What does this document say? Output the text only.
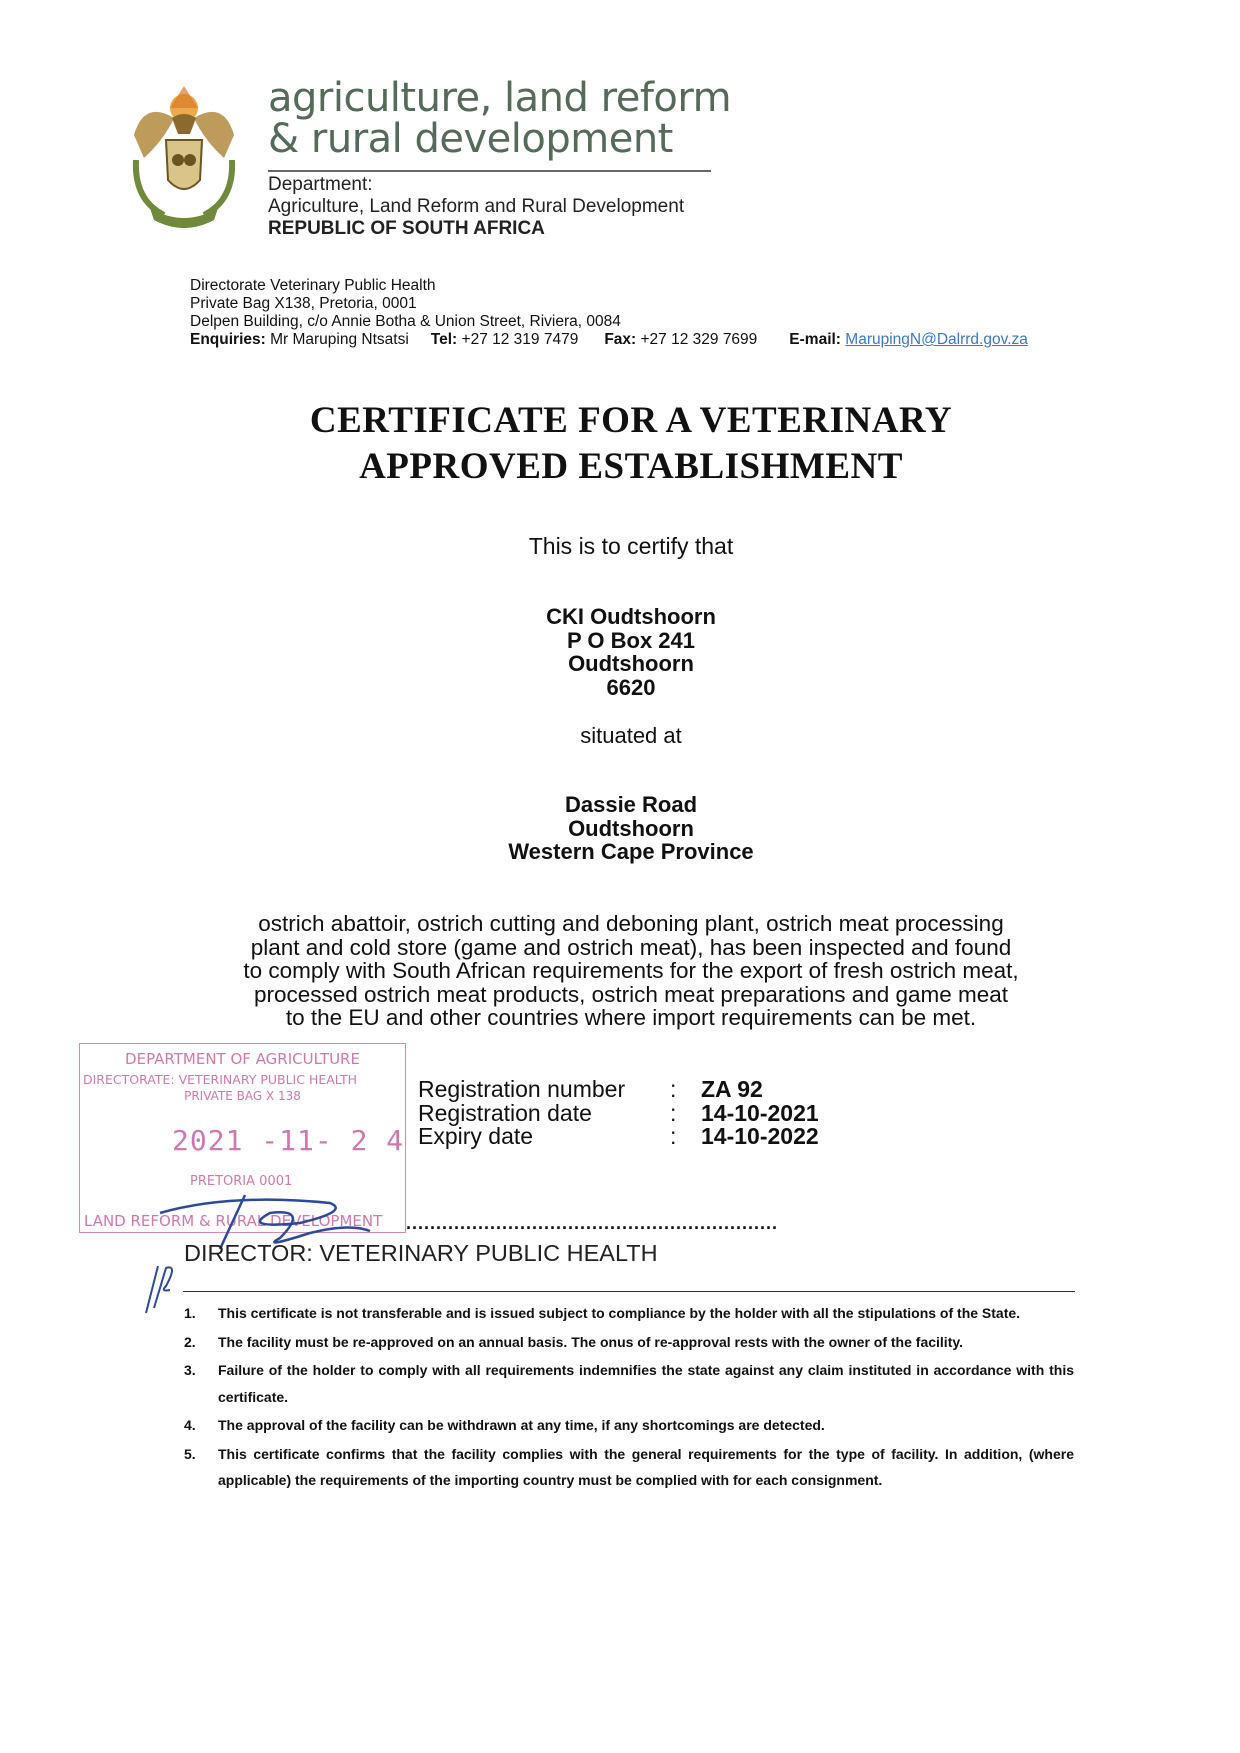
agriculture, land reform
& rural development
Department:
Agriculture, Land Reform and Rural Development
REPUBLIC OF SOUTH AFRICA
Directorate Veterinary Public Health
Private Bag X138, Pretoria, 0001
Delpen Building, c/o Annie Botha & Union Street, Riviera, 0084
Enquiries:
Mr Maruping Ntsatsi Tel:
+27 12 319 7479 Fax:
+27 12 329 7699 E-mail:
MarupingN@Dalrrd.gov.za
CERTIFICATE FOR A VETERINARY
APPROVED ESTABLISHMENT
This is to certify that
CKI Oudtshoorn
P O Box 241
Oudtshoorn
6620
situated at
Dassie Road
Oudtshoorn
Western Cape Province
ostrich abattoir, ostrich cutting and deboning plant, ostrich meat processing
plant and cold store (game and ostrich meat), has been inspected and found
to comply with South African requirements for the export of fresh ostrich meat,
processed ostrich meat products, ostrich meat preparations and game meat
to the EU and other countries where import requirements can be met.
DEPARTMENT OF AGRICULTURE
DIRECTORATE: VETERINARY PUBLIC HEALTH
PRIVATE BAG X 138
2021 -11- 2 4
PRETORIA 0001
LAND REFORM & RURAL DEVELOPMENT
Registration number	:	ZA 92
Registration date	:	14-10-2021
Expiry date	:	14-10-2022
..............................................................
DIRECTOR: VETERINARY PUBLIC HEALTH
1.	This certificate is not transferable and is issued subject to compliance by the holder with all the stipulations of the State.
2.	The facility must be re-approved on an annual basis. The onus of re-approval rests with the owner of the facility.
3.	Failure of the holder to comply with all requirements indemnifies the state against any claim instituted in accordance with this certificate.
4.	The approval of the facility can be withdrawn at any time, if any shortcomings are detected.
5.	This certificate confirms that the facility complies with the general requirements for the type of facility. In addition, (where applicable) the requirements of the importing country must be complied with for each consignment.
